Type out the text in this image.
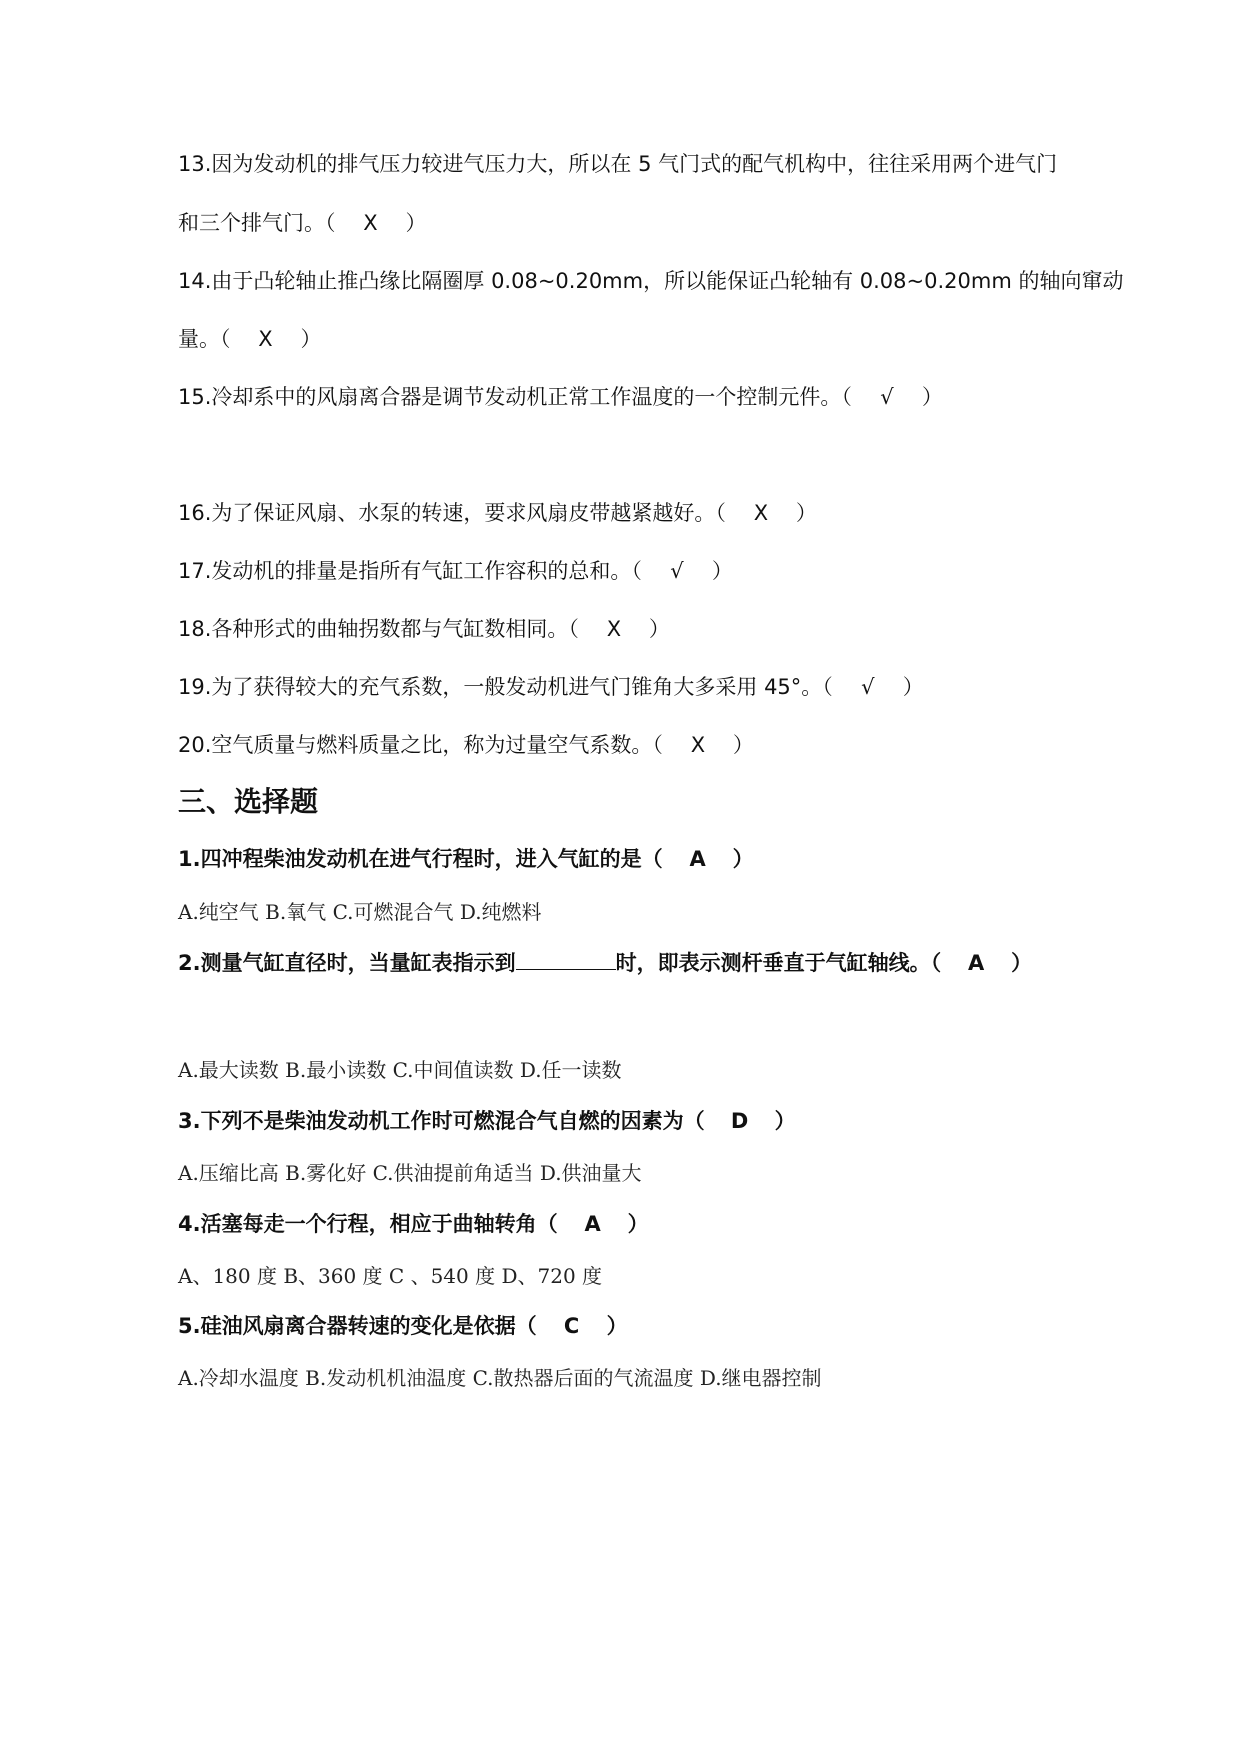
13.因为发动机的排气压力较进气压力大，所以在 5 气门式的配气机构中，往往采用两个进气门
和三个排气门。（ X ）
14.由于凸轮轴止推凸缘比隔圈厚 0.08~0.20mm，所以能保证凸轮轴有 0.08~0.20mm 的轴向窜动
量。（ X ）
15.冷却系中的风扇离合器是调节发动机正常工作温度的一个控制元件。（ √ ）
16.为了保证风扇、水泵的转速，要求风扇皮带越紧越好。（ X ）
17.发动机的排量是指所有气缸工作容积的总和。（ √ ）
18.各种形式的曲轴拐数都与气缸数相同。（ X ）
19.为了获得较大的充气系数，一般发动机进气门锥角大多采用 45°。（ √ ）
20.空气质量与燃料质量之比，称为过量空气系数。（ X ）
三、选择题
1.四冲程柴油发动机在进气行程时，进入气缸的是（ A ）
A.纯空气 B.氧气 C.可燃混合气 D.纯燃料
2.测量气缸直径时，当量缸表指示到	时，即表示测杆垂直于气缸轴线。（ A ）
A.最大读数 B.最小读数 C.中间值读数 D.任一读数
3.下列不是柴油发动机工作时可燃混合气自燃的因素为（ D ）
A.压缩比高 B.雾化好 C.供油提前角适当 D.供油量大
4.活塞每走一个行程，相应于曲轴转角（ A ）
A、180 度 B、360 度 C 、540 度 D、720 度
5.硅油风扇离合器转速的变化是依据（ C ）
A.冷却水温度 B.发动机机油温度 C.散热器后面的气流温度 D.继电器控制
